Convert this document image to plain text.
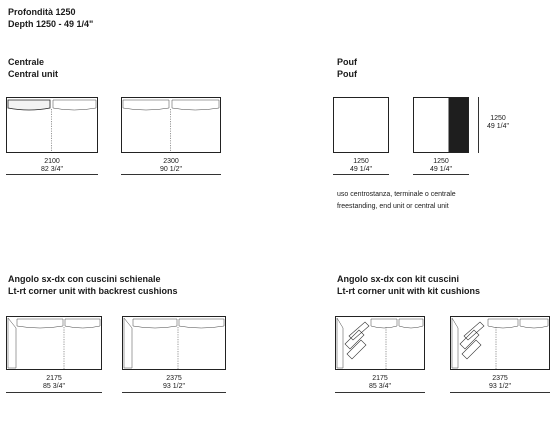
Profondità 1250
Depth 1250 - 49 1/4"
Centrale
Central unit
2100
82 3/4"
2300
90 1/2"
Pouf
Pouf
1250
49 1/4"
1250
49 1/4"
1250
49 1/4"
uso centrostanza, terminale o centrale
freestanding, end unit or central unit
Angolo sx-dx con cuscini schienale
Lt-rt corner unit with backrest cushions
2175
85 3/4"
2375
93 1/2"
Angolo sx-dx con kit cuscini
Lt-rt corner unit with kit cushions
2175
85 3/4"
2375
93 1/2"
